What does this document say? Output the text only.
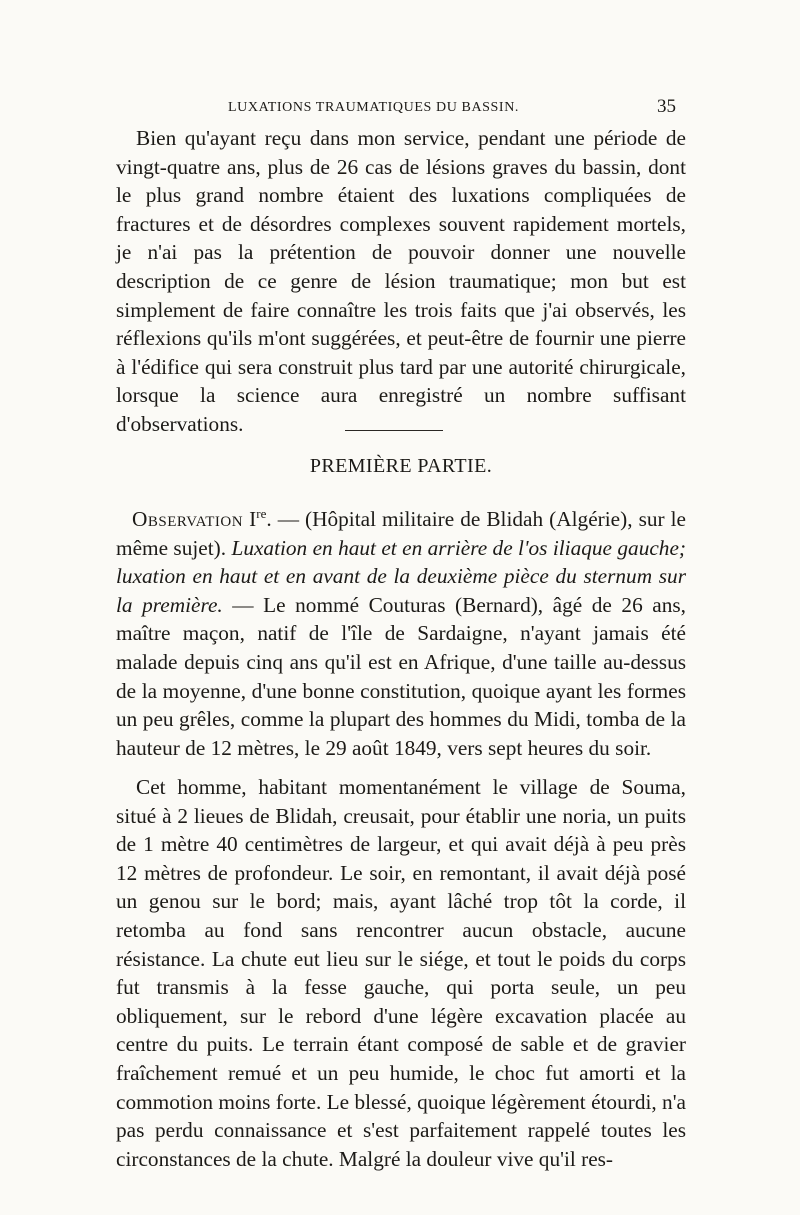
LUXATIONS TRAUMATIQUES DU BASSIN.	35
Bien qu'ayant reçu dans mon service, pendant une période de vingt-quatre ans, plus de 26 cas de lésions graves du bassin, dont le plus grand nombre étaient des luxations compliquées de fractures et de désordres complexes souvent rapidement mortels, je n'ai pas la prétention de pouvoir donner une nouvelle description de ce genre de lésion traumatique; mon but est simplement de faire connaître les trois faits que j'ai observés, les réflexions qu'ils m'ont suggérées, et peut-être de fournir une pierre à l'édifice qui sera construit plus tard par une autorité chirurgicale, lorsque la science aura enregistré un nombre suffisant d'observations.
PREMIÈRE PARTIE.
Observation Ire. — (Hôpital militaire de Blidah (Algérie), sur le même sujet). Luxation en haut et en arrière de l'os iliaque gauche; luxation en haut et en avant de la deuxième pièce du sternum sur la première. — Le nommé Couturas (Bernard), âgé de 26 ans, maître maçon, natif de l'île de Sardaigne, n'ayant jamais été malade depuis cinq ans qu'il est en Afrique, d'une taille au-dessus de la moyenne, d'une bonne constitution, quoique ayant les formes un peu grêles, comme la plupart des hommes du Midi, tomba de la hauteur de 12 mètres, le 29 août 1849, vers sept heures du soir.
Cet homme, habitant momentanément le village de Souma, situé à 2 lieues de Blidah, creusait, pour établir une noria, un puits de 1 mètre 40 centimètres de largeur, et qui avait déjà à peu près 12 mètres de profondeur. Le soir, en remontant, il avait déjà posé un genou sur le bord; mais, ayant lâché trop tôt la corde, il retomba au fond sans rencontrer aucun obstacle, aucune résistance. La chute eut lieu sur le siége, et tout le poids du corps fut transmis à la fesse gauche, qui porta seule, un peu obliquement, sur le rebord d'une légère excavation placée au centre du puits. Le terrain étant composé de sable et de gravier fraîchement remué et un peu humide, le choc fut amorti et la commotion moins forte. Le blessé, quoique légèrement étourdi, n'a pas perdu connaissance et s'est parfaitement rappelé toutes les circonstances de la chute. Malgré la douleur vive qu'il res-
